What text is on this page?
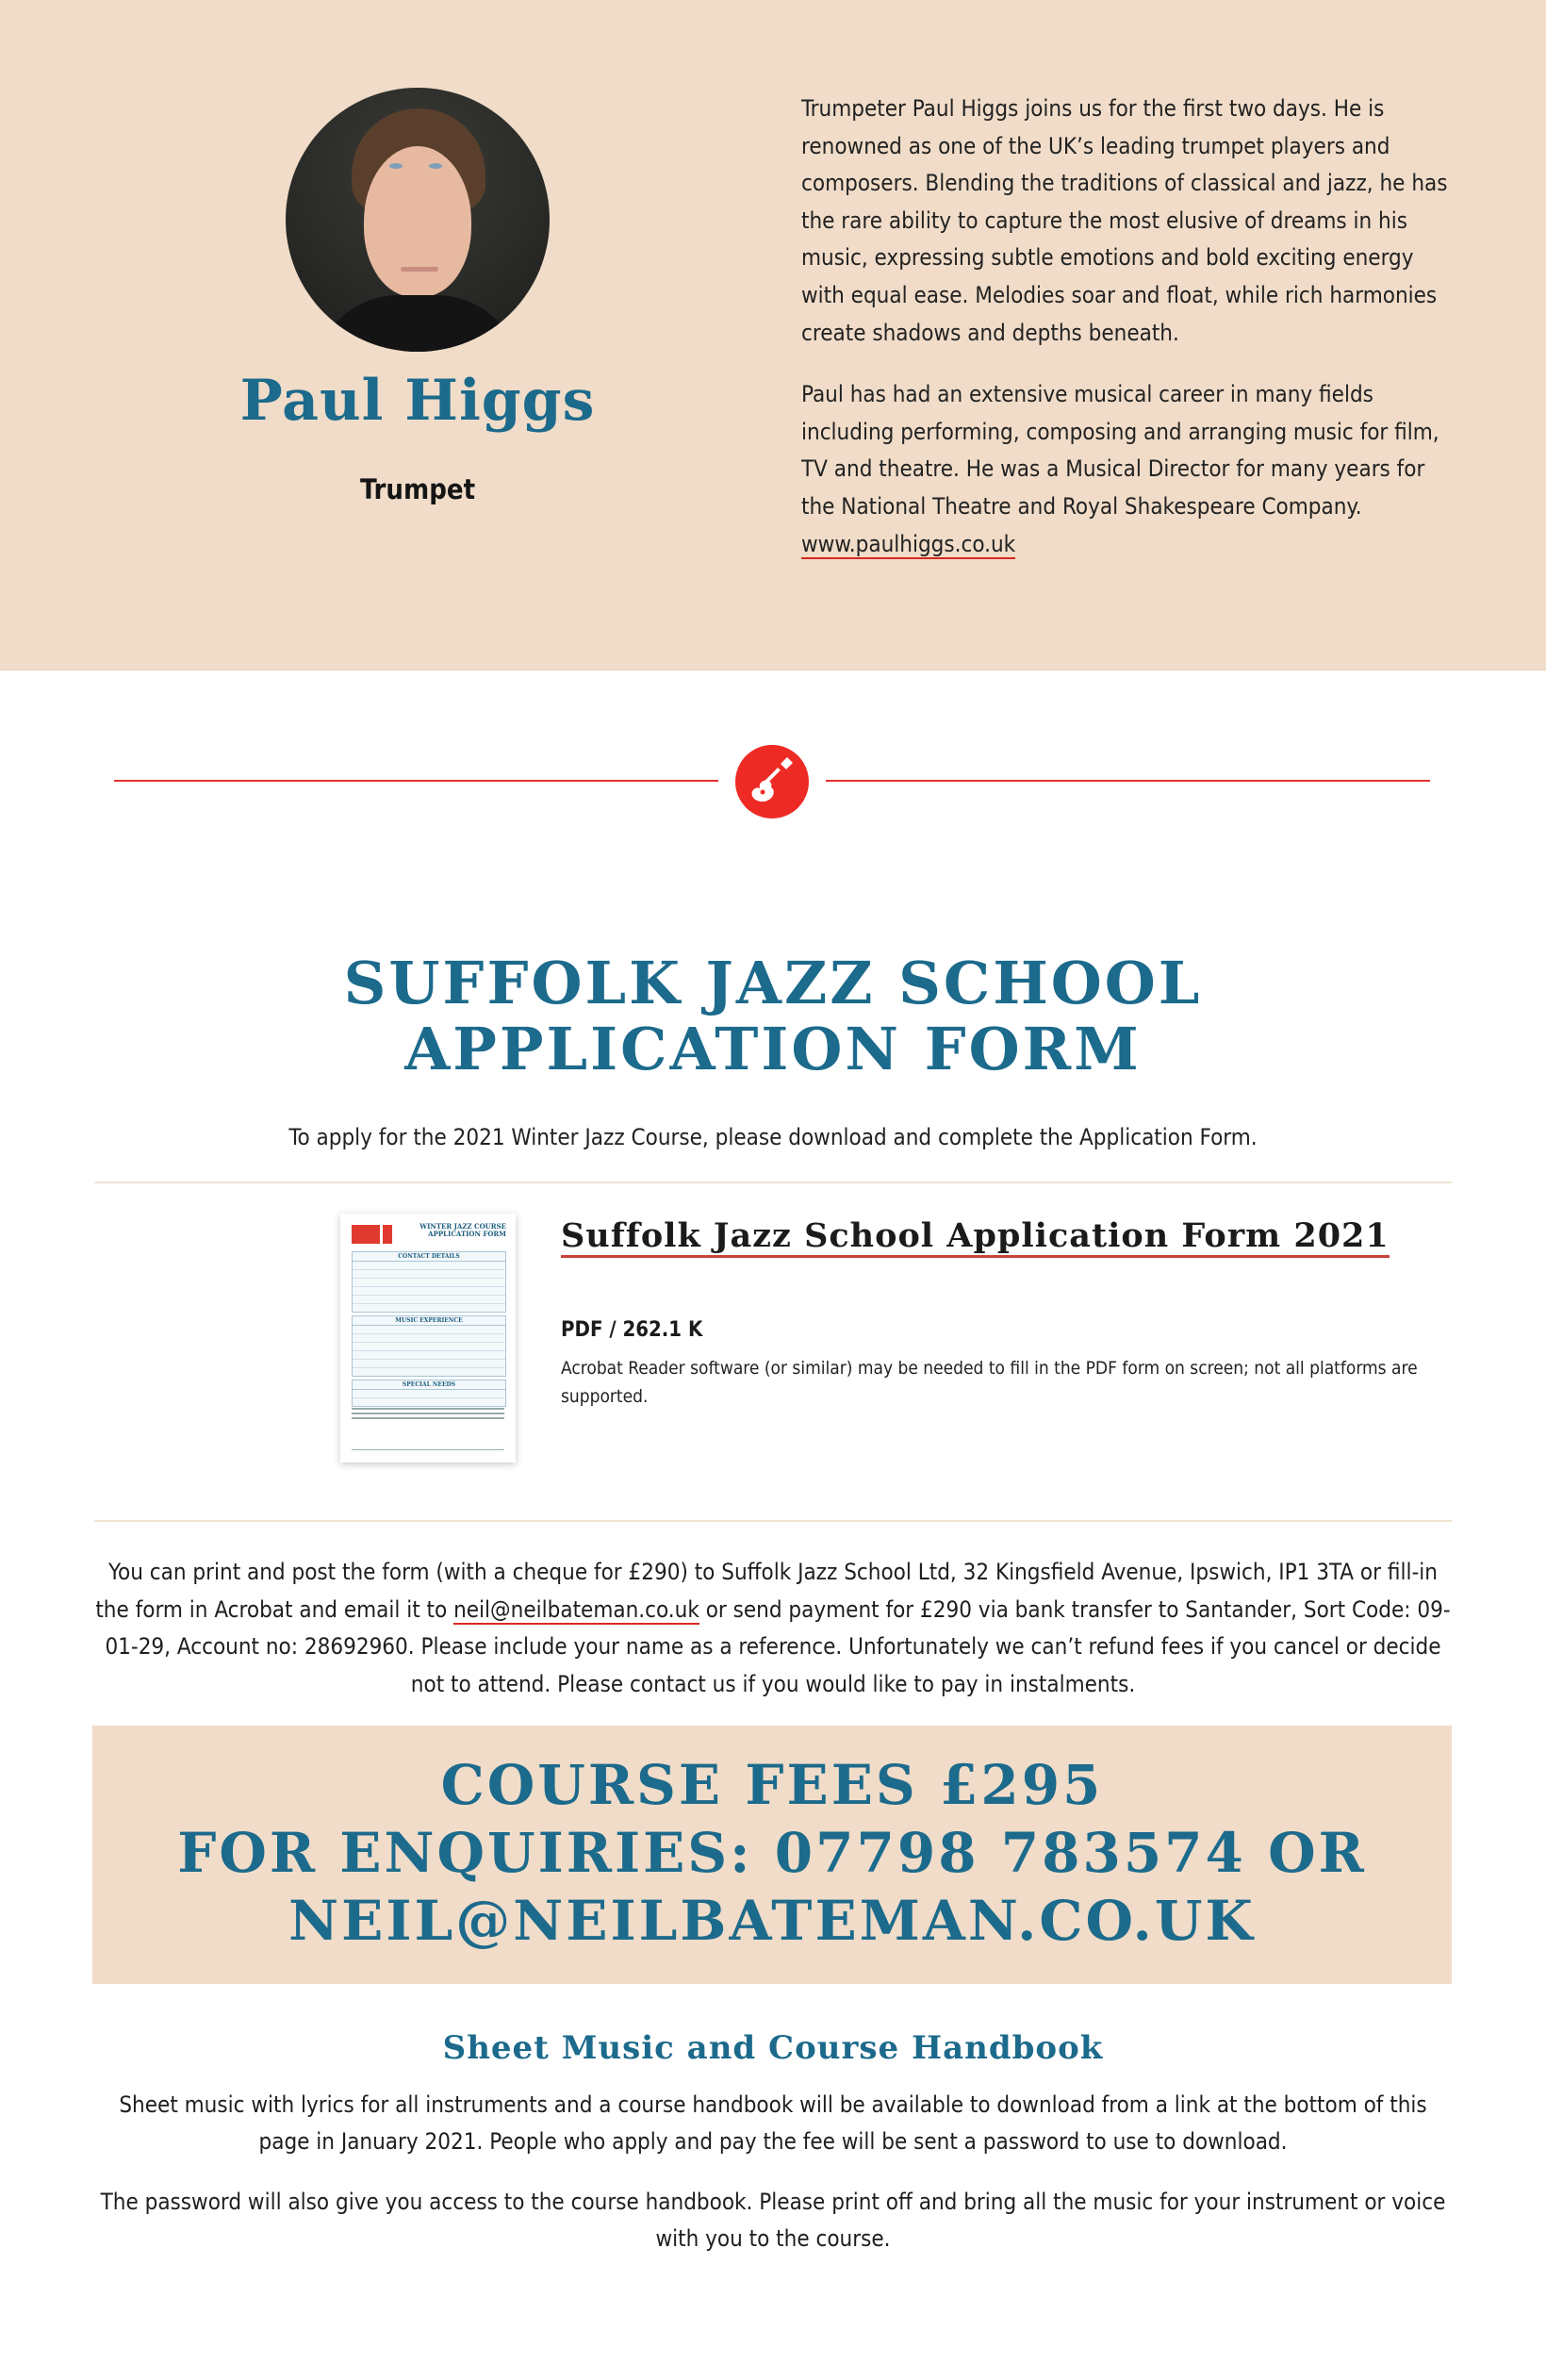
Paul Higgs
Trumpet

Trumpeter Paul Higgs joins us for the first two days. He is renowned as one of the UK’s leading trumpet players and composers. Blending the traditions of classical and jazz, he has the rare ability to capture the most elusive of dreams in his music, expressing subtle emotions and bold exciting energy with equal ease. Melodies soar and float, while rich harmonies create shadows and depths beneath.

Paul has had an extensive musical career in many fields including performing, composing and arranging music for film, TV and theatre. He was a Musical Director for many years for the National Theatre and Royal Shakespeare Company. www.paulhiggs.co.uk

SUFFOLK JAZZ SCHOOL
APPLICATION FORM
To apply for the 2021 Winter Jazz Course, please download and complete the Application Form.
WINTER JAZZ COURSE APPLICATION FORM
CONTACT DETAILS
MUSIC EXPERIENCE
SPECIAL NEEDS
Suffolk Jazz School Application Form 2021
PDF / 262.1 K
Acrobat Reader software (or similar) may be needed to fill in the PDF form on screen; not all platforms are supported.

You can print and post the form (with a cheque for £290) to Suffolk Jazz School Ltd, 32 Kingsfield Avenue, Ipswich, IP1 3TA or fill-in the form in Acrobat and email it to neil@neilbateman.co.uk or send payment for £290 via bank transfer to Santander, Sort Code: 09-01-29, Account no: 28692960. Please include your name as a reference. Unfortunately we can’t refund fees if you cancel or decide not to attend. Please contact us if you would like to pay in instalments.

COURSE FEES £295
FOR ENQUIRIES: 07798 783574 OR
NEIL@NEILBATEMAN.CO.UK
Sheet Music and Course Handbook

Sheet music with lyrics for all instruments and a course handbook will be available to download from a link at the bottom of this page in January 2021. People who apply and pay the fee will be sent a password to use to download.

The password will also give you access to the course handbook. Please print off and bring all the music for your instrument or voice with you to the course.
